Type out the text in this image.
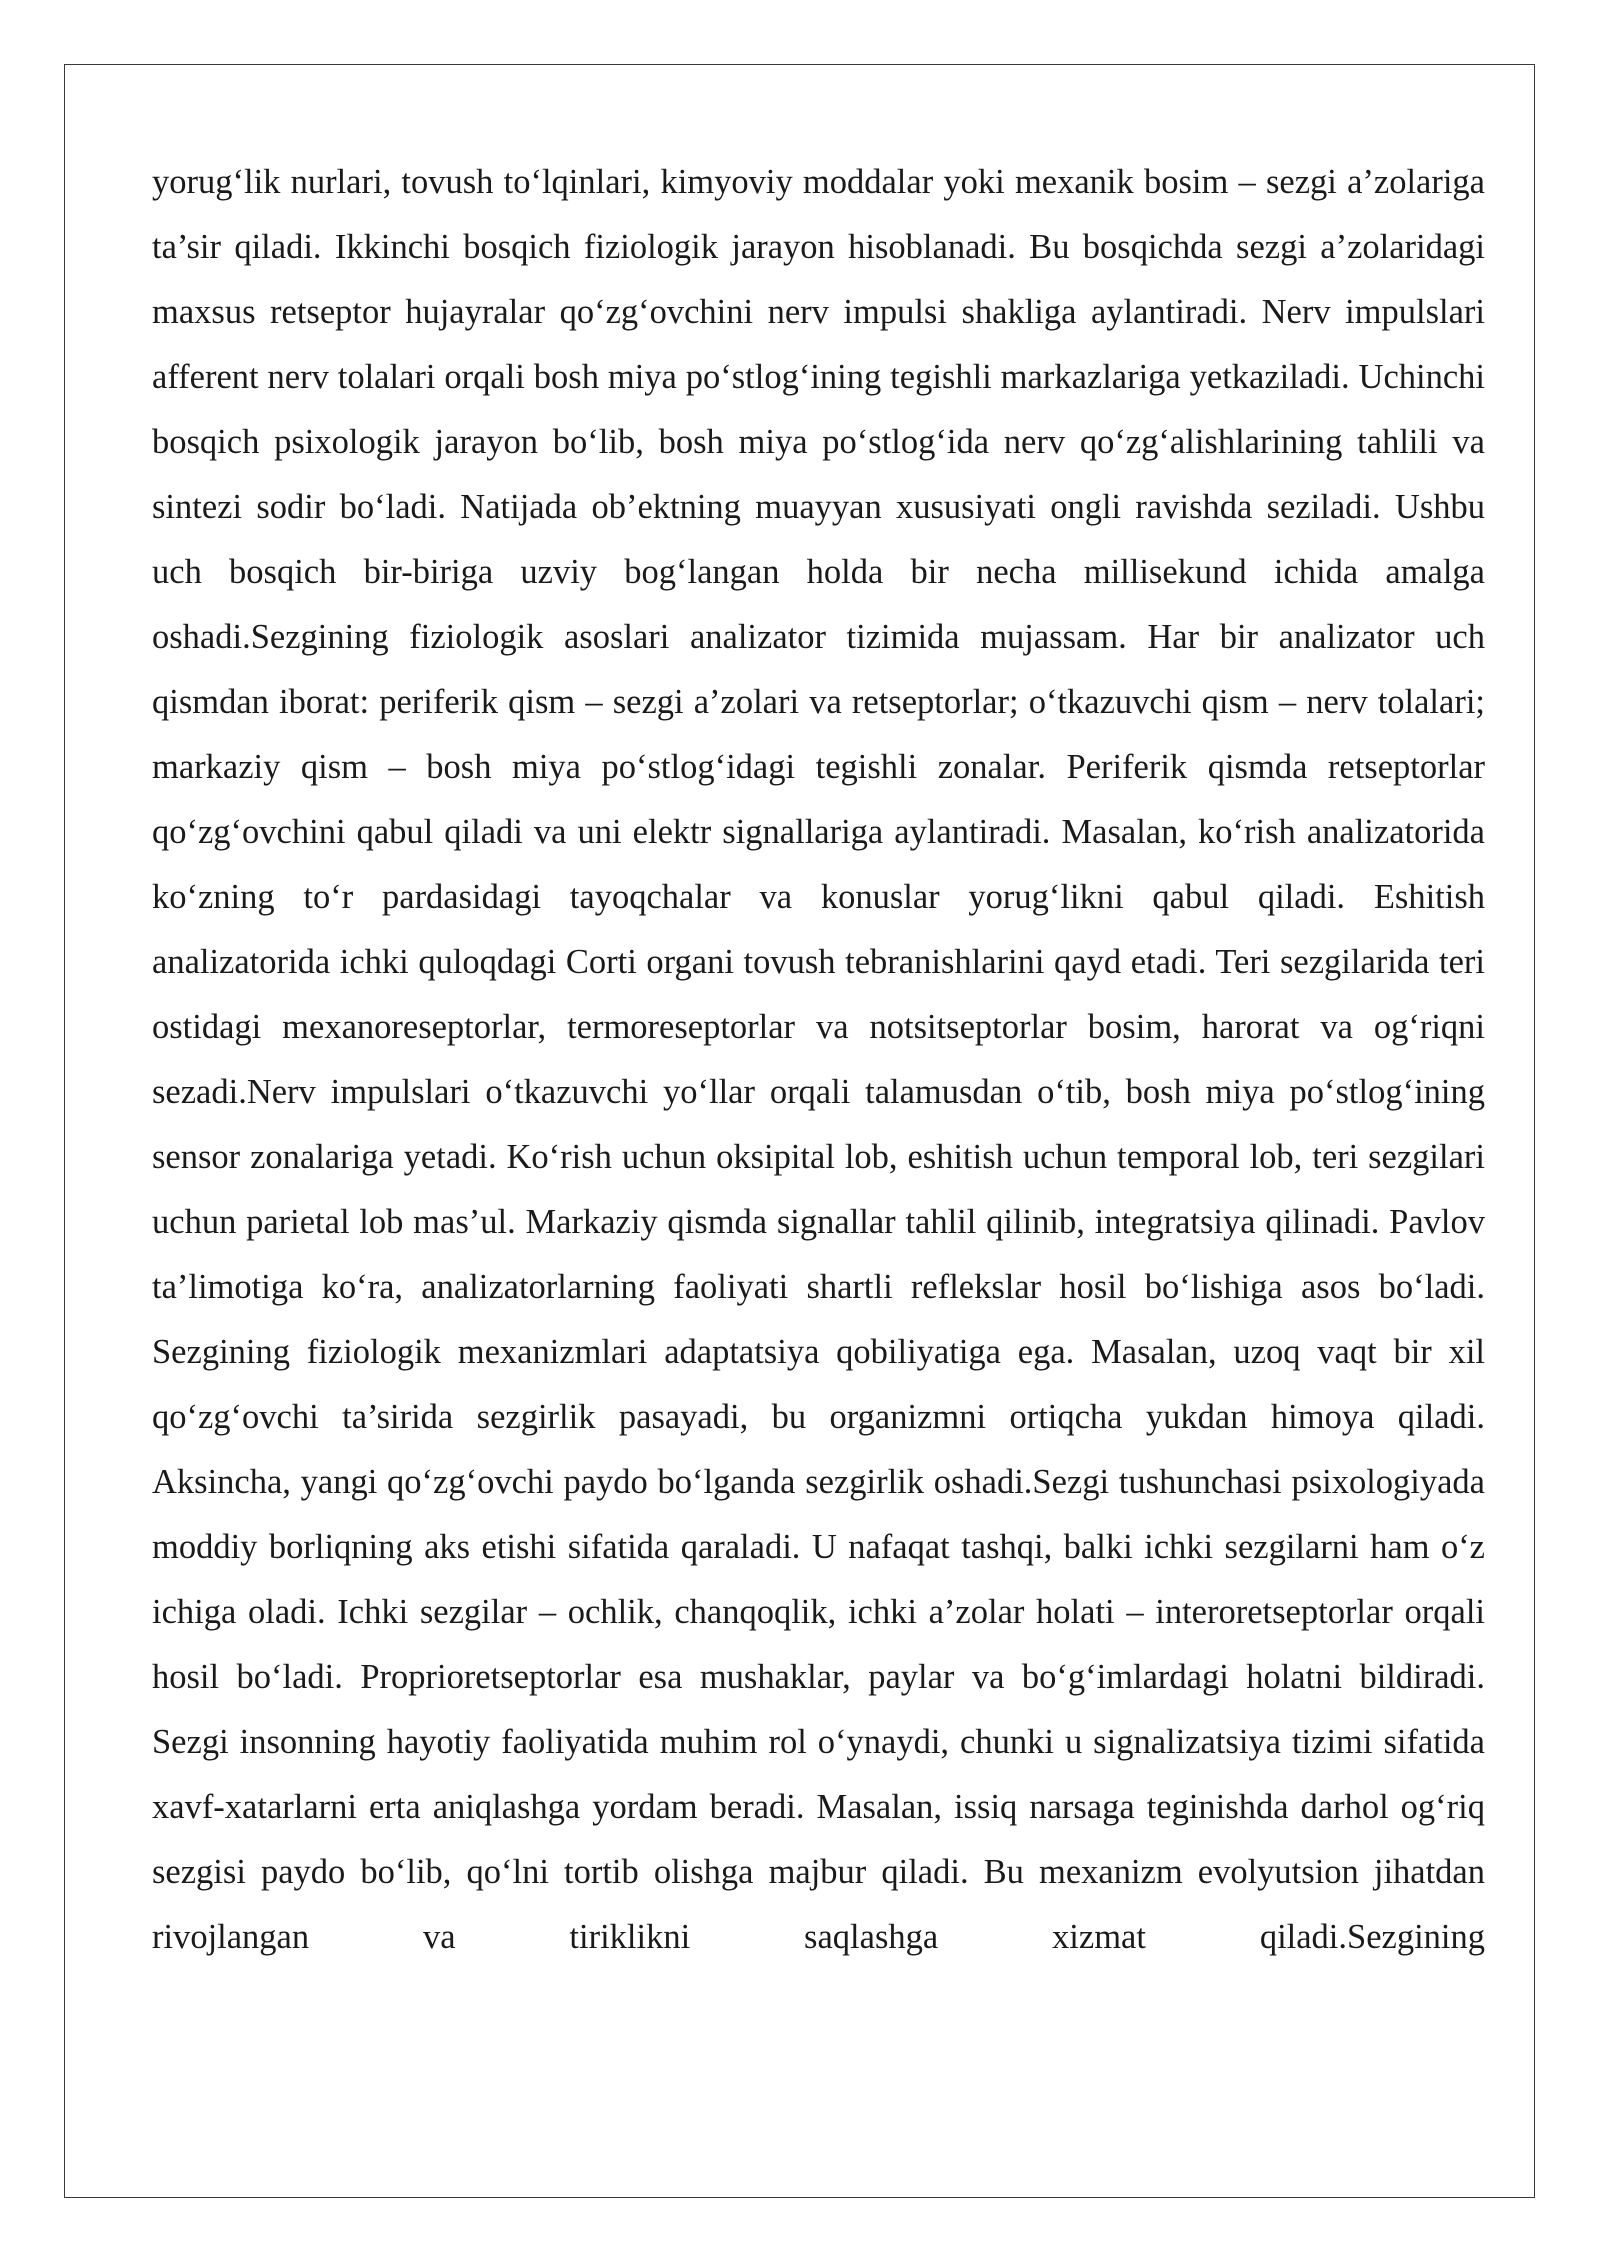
yorug‘lik nurlari, tovush to‘lqinlari, kimyoviy moddalar yoki mexanik bosim – sezgi a’zolariga ta’sir qiladi. Ikkinchi bosqich fiziologik jarayon hisoblanadi. Bu bosqichda sezgi a’zolaridagi maxsus retseptor hujayralar qo‘zg‘ovchini nerv impulsi shakliga aylantiradi. Nerv impulslari afferent nerv tolalari orqali bosh miya po‘stlog‘ining tegishli markazlariga yetkaziladi. Uchinchi bosqich psixologik jarayon bo‘lib, bosh miya po‘stlog‘ida nerv qo‘zg‘alishlarining tahlili va sintezi sodir bo‘ladi. Natijada ob’ektning muayyan xususiyati ongli ravishda seziladi. Ushbu uch bosqich bir-biriga uzviy bog‘langan holda bir necha millisekund ichida amalga oshadi.Sezgining fiziologik asoslari analizator tizimida mujassam. Har bir analizator uch qismdan iborat: periferik qism – sezgi a’zolari va retseptorlar; o‘tkazuvchi qism – nerv tolalari; markaziy qism – bosh miya po‘stlog‘idagi tegishli zonalar. Periferik qismda retseptorlar qo‘zg‘ovchini qabul qiladi va uni elektr signallariga aylantiradi. Masalan, ko‘rish analizatorida ko‘zning to‘r pardasidagi tayoqchalar va konuslar yorug‘likni qabul qiladi. Eshitish analizatorida ichki quloqdagi Corti organi tovush tebranishlarini qayd etadi. Teri sezgilarida teri ostidagi mexanoreseptorlar, termoreseptorlar va notsitseptorlar bosim, harorat va og‘riqni sezadi.Nerv impulslari o‘tkazuvchi yo‘llar orqali talamusdan o‘tib, bosh miya po‘stlog‘ining sensor zonalariga yetadi. Ko‘rish uchun oksipital lob, eshitish uchun temporal lob, teri sezgilari uchun parietal lob mas’ul. Markaziy qismda signallar tahlil qilinib, integratsiya qilinadi. Pavlov ta’limotiga ko‘ra, analizatorlarning faoliyati shartli reflekslar hosil bo‘lishiga asos bo‘ladi. Sezgining fiziologik mexanizmlari adaptatsiya qobiliyatiga ega. Masalan, uzoq vaqt bir xil qo‘zg‘ovchi ta’sirida sezgirlik pasayadi, bu organizmni ortiqcha yukdan himoya qiladi. Aksincha, yangi qo‘zg‘ovchi paydo bo‘lganda sezgirlik oshadi.Sezgi tushunchasi psixologiyada moddiy borliqning aks etishi sifatida qaraladi. U nafaqat tashqi, balki ichki sezgilarni ham o‘z ichiga oladi. Ichki sezgilar – ochlik, chanqoqlik, ichki a’zolar holati – interoretseptorlar orqali hosil bo‘ladi. Proprioretseptorlar esa mushaklar, paylar va bo‘g‘imlardagi holatni bildiradi. Sezgi insonning hayotiy faoliyatida muhim rol o‘ynaydi, chunki u signalizatsiya tizimi sifatida xavf-xatarlarni erta aniqlashga yordam beradi. Masalan, issiq narsaga teginishda darhol og‘riq sezgisi paydo bo‘lib, qo‘lni tortib olishga majbur qiladi. Bu mexanizm evolyutsion jihatdan rivojlangan va tiriklikni saqlashga xizmat qiladi.Sezgining
